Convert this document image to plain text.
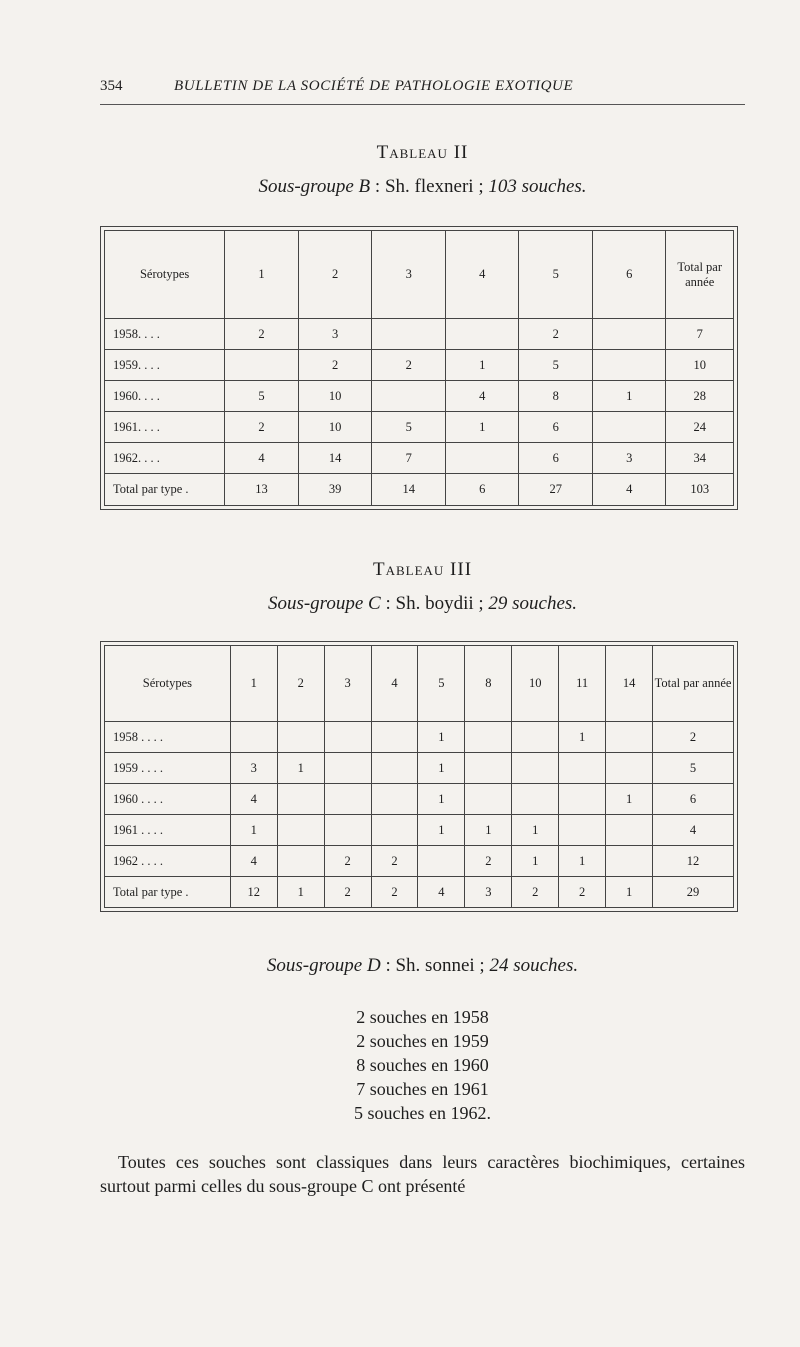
354	BULLETIN DE LA SOCIÉTÉ DE PATHOLOGIE EXOTIQUE
Tableau II
Sous-groupe B : Sh. flexneri ; 103 souches.
Sérotypes	1	2	3	4	5	6	Total par année
1958. . . .	2	3			2		7
1959. . . .		2	2	1	5		10
1960. . . .	5	10		4	8	1	28
1961. . . .	2	10	5	1	6		24
1962. . . .	4	14	7		6	3	34
Total par type .	13	39	14	6	27	4	103
Tableau III
Sous-groupe C : Sh. boydii ; 29 souches.
Sérotypes	1	2	3	4	5	8	10	11	14	Total par année
1958 . . . .					1			1		2
1959 . . . .	3	1			1					5
1960 . . . .	4				1				1	6
1961 . . . .	1				1	1	1			4
1962 . . . .	4		2	2		2	1	1		12
Total par type .	12	1	2	2	4	3	2	2	1	29
Sous-groupe D : Sh. sonnei ; 24 souches.
2 souches en 1958
2 souches en 1959
8 souches en 1960
7 souches en 1961
5 souches en 1962.

Toutes ces souches sont classiques dans leurs caractères biochimiques, certaines surtout parmi celles du sous-groupe C ont présenté
